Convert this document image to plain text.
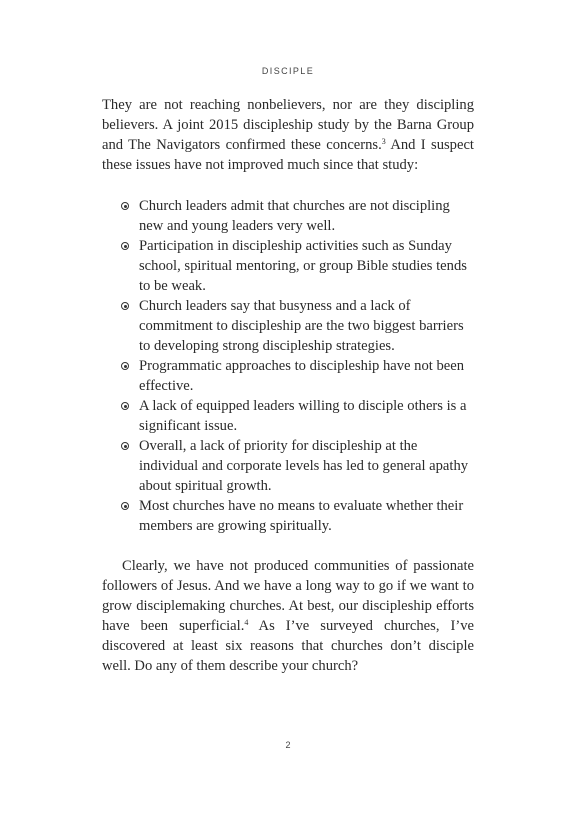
DISCIPLE

They are not reaching nonbelievers, nor are they discipling believers. A joint 2015 discipleship study by the Barna Group and The Navigators confirmed these concerns.$^3$ And I suspect these issues have not improved much since that study:

Church leaders admit that churches are not discipling new and young leaders very well.
Participation in discipleship activities such as Sunday school, spiritual mentoring, or group Bible studies tends to be weak.
Church leaders say that busyness and a lack of commitment to discipleship are the two biggest barriers to developing strong discipleship strategies.
Programmatic approaches to discipleship have not been effective.
A lack of equipped leaders willing to disciple others is a significant issue.
Overall, a lack of priority for discipleship at the individual and corporate levels has led to general apathy about spiritual growth.
Most churches have no means to evaluate whether their members are growing spiritually.

Clearly, we have not produced communities of passionate followers of Jesus. And we have a long way to go if we want to grow disciplemaking churches. At best, our discipleship efforts have been superficial.$^4$ As I’ve surveyed churches, I’ve discovered at least six reasons that churches don’t disciple well. Do any of them describe your church?

2
